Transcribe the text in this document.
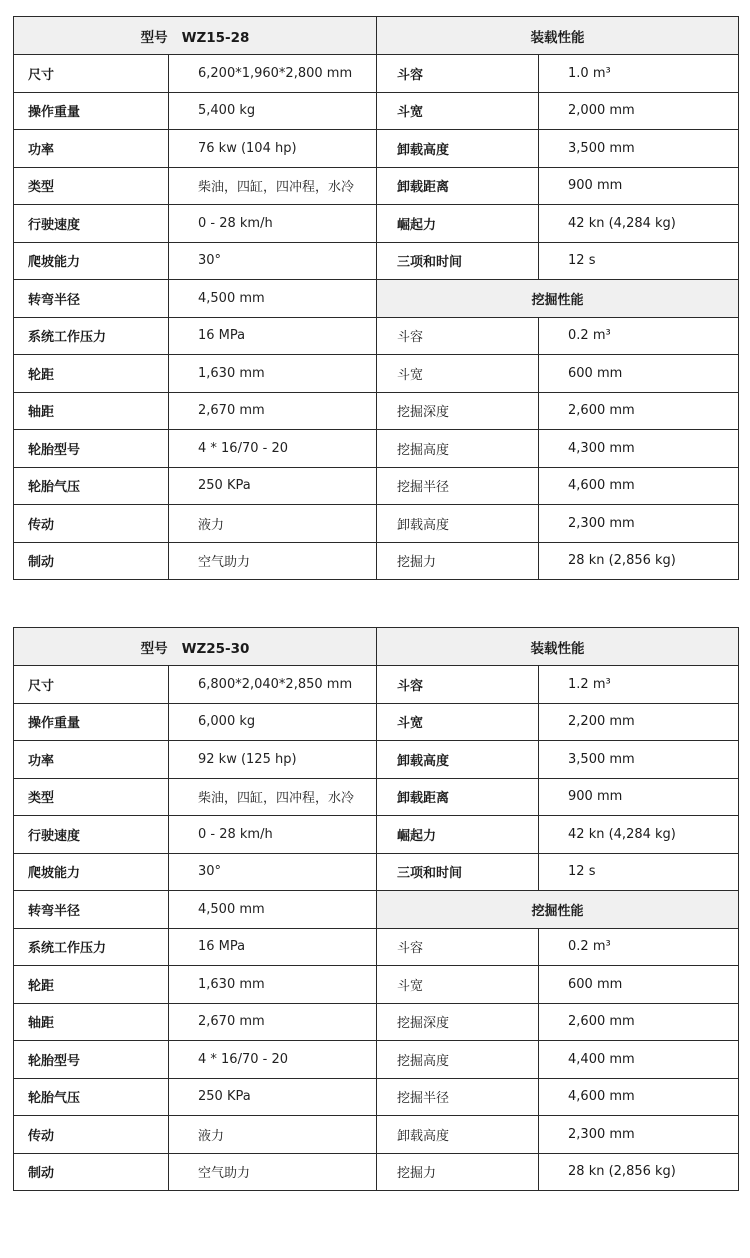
型号 WZ15-28		装载性能	
尺寸	6,200*1,960*2,800 mm	斗容	1.0 m³
操作重量	5,400 kg	斗宽	2,000 mm
功率	76 kw (104 hp)	卸载高度	3,500 mm
类型	柴油，四缸，四冲程，水冷	卸载距离	900 mm
行驶速度	0 - 28 km/h	崛起力	42 kn (4,284 kg)
爬坡能力	30°	三项和时间	12 s
转弯半径	4,500 mm	挖掘性能	
系统工作压力	16 MPa	斗容	0.2 m³
轮距	1,630 mm	斗宽	600 mm
轴距	2,670 mm	挖掘深度	2,600 mm
轮胎型号	4 * 16/70 - 20	挖掘高度	4,300 mm
轮胎气压	250 KPa	挖掘半径	4,600 mm
传动	液力	卸载高度	2,300 mm
制动	空气助力	挖掘力	28 kn (2,856 kg)
型号 WZ25-30		装载性能	
尺寸	6,800*2,040*2,850 mm	斗容	1.2 m³
操作重量	6,000 kg	斗宽	2,200 mm
功率	92 kw (125 hp)	卸载高度	3,500 mm
类型	柴油，四缸，四冲程，水冷	卸载距离	900 mm
行驶速度	0 - 28 km/h	崛起力	42 kn (4,284 kg)
爬坡能力	30°	三项和时间	12 s
转弯半径	4,500 mm	挖掘性能	
系统工作压力	16 MPa	斗容	0.2 m³
轮距	1,630 mm	斗宽	600 mm
轴距	2,670 mm	挖掘深度	2,600 mm
轮胎型号	4 * 16/70 - 20	挖掘高度	4,400 mm
轮胎气压	250 KPa	挖掘半径	4,600 mm
传动	液力	卸载高度	2,300 mm
制动	空气助力	挖掘力	28 kn (2,856 kg)
